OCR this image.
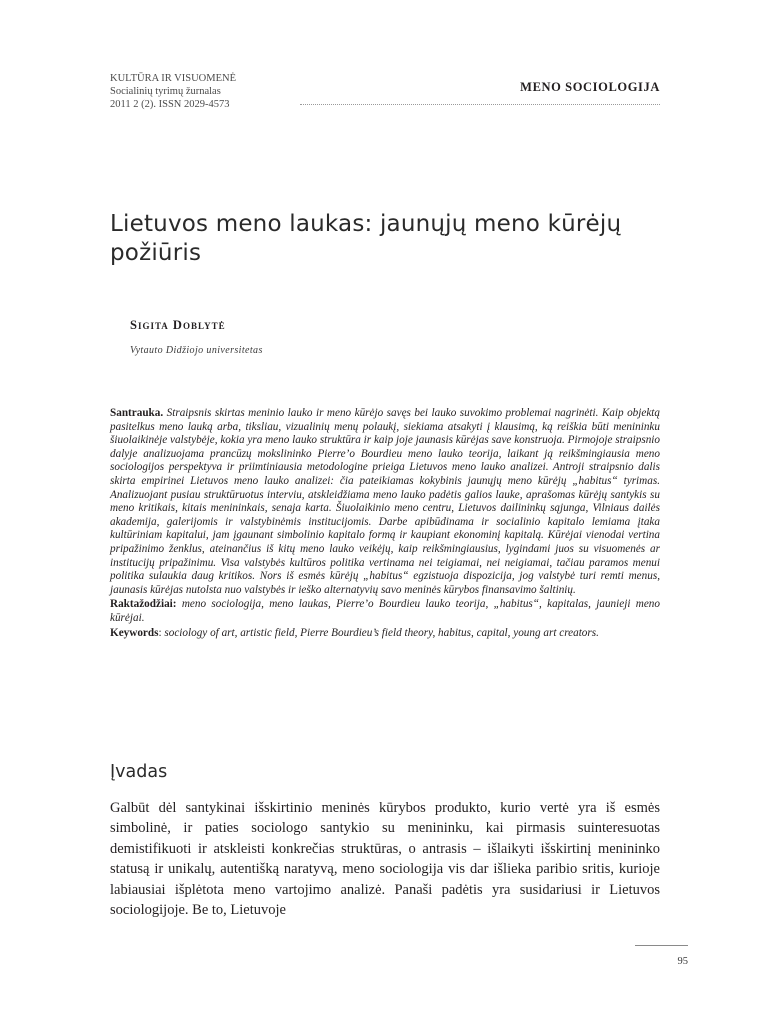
KULTŪRA IR VISUOMENĖ
Socialinių tyrimų žurnalas
2011 2 (2). ISSN 2029-4573
MENO SOCIOLOGIJA
Lietuvos meno laukas: jaunųjų meno kūrėjų požiūris
Sigita Doblytė
Vytauto Didžiojo universitetas

Santrauka. Straipsnis skirtas meninio lauko ir meno kūrėjo savęs bei lauko suvokimo problemai nagrinėti. Kaip objektą pasitelkus meno lauką arba, tiksliau, vizualinių menų polaukį, siekiama atsakyti į klausimą, ką reiškia būti menininku šiuolaikinėje valstybėje, kokia yra meno lauko struktūra ir kaip joje jaunasis kūrėjas save konstruoja. Pirmojoje straipsnio dalyje analizuojama prancūzų mokslininko Pierre’o Bourdieu meno lauko teorija, laikant ją reikšmingiausia meno sociologijos perspektyva ir priimtiniausia metodologine prieiga Lietuvos meno lauko analizei. Antroji straipsnio dalis skirta empirinei Lietuvos meno lauko analizei: čia pateikiamas kokybinis jaunųjų meno kūrėjų „habitus“ tyrimas. Analizuojant pusiau struktūruotus interviu, atskleidžiama meno lauko padėtis galios lauke, aprašomas kūrėjų santykis su meno kritikais, kitais menininkais, senaja karta. Šiuolaikinio meno centru, Lietuvos dailininkų sąjunga, Vilniaus dailės akademija, galerijomis ir valstybinėmis institucijomis. Darbe apibūdinama ir socialinio kapitalo lemiama įtaka kultūriniam kapitalui, jam įgaunant simbolinio kapitalo formą ir kaupiant ekonominį kapitalą. Kūrėjai vienodai vertina pripažinimo ženklus, ateinančius iš kitų meno lauko veikėjų, kaip reikšmingiausius, lygindami juos su visuomenės ar institucijų pripažinimu. Visa valstybės kultūros politika vertinama nei teigiamai, nei neigiamai, tačiau paramos menui politika sulaukia daug kritikos. Nors iš esmės kūrėjų „habitus“ egzistuoja dispozicija, jog valstybė turi remti menus, jaunasis kūrėjas nutolsta nuo valstybės ir ieško alternatyvių savo meninės kūrybos finansavimo šaltinių.

Raktažodžiai: meno sociologija, meno laukas, Pierre’o Bourdieu lauko teorija, „habitus“, kapitalas, jaunieji meno kūrėjai.

Keywords: sociology of art, artistic field, Pierre Bourdieu’s field theory, habitus, capital, young art creators.

Įvadas

Galbūt dėl santykinai išskirtinio meninės kūrybos produkto, kurio vertė yra iš esmės simbolinė, ir paties sociologo santykio su menininku, kai pirmasis suinteresuotas demistifikuoti ir atskleisti konkrečias struktūras, o antrasis – išlaikyti išskirtinį menininko statusą ir unikalų, autentišką naratyvą, meno sociologija vis dar išlieka paribio sritis, kurioje labiausiai išplėtota meno vartojimo analizė. Panaši padėtis yra susidariusi ir Lietuvos sociologijoje. Be to, Lietuvoje

95
